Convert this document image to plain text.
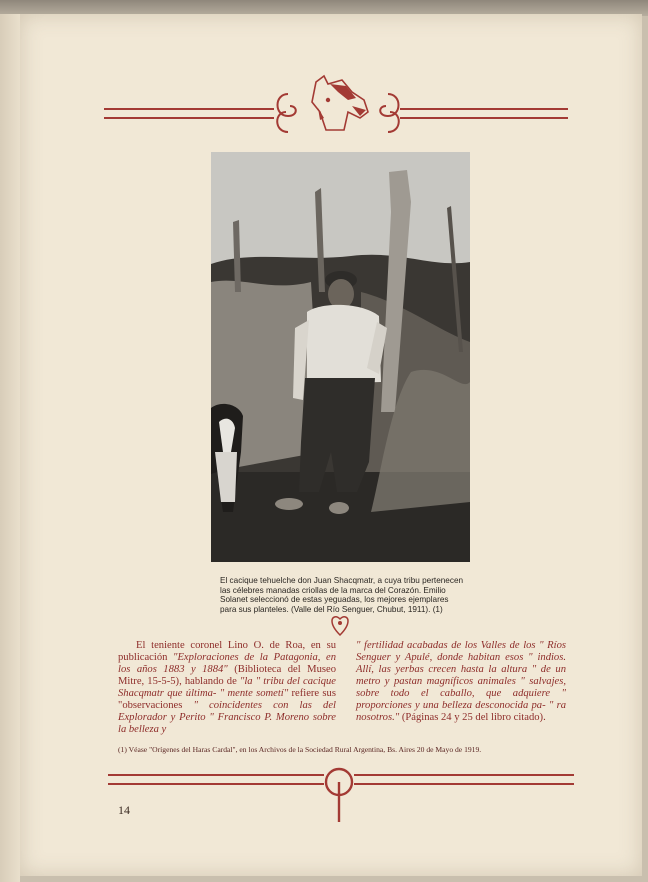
El cacique tehuelche don Juan Shacqmatr, a cuya tribu pertenecen las célebres manadas criollas de la marca del Corazón. Emilio Solanet seleccionó de estas yeguadas, los mejores ejemplares para sus planteles. (Valle del Río Senguer, Chubut, 1911). (1)

El teniente coronel Lino O. de Roa, en su publicación "Exploraciones de la Patagonia, en los años 1883 y 1884" (Biblioteca del Museo Mitre, 15-5-5), hablando de "la " tribu del cacique Shacqmatr que última- " mente sometí" refiere sus "observaciones " coincidentes con las del Explorador y Perito " Francisco P. Moreno sobre la belleza y

" fertilidad acabadas de los Valles de los " Ríos Senguer y Apulé, donde habitan esos " indios. Allí, las yerbas crecen hasta la altura " de un metro y pastan magníficos animales " salvajes, sobre todo el caballo, que adquiere " proporciones y una belleza desconocida pa- " ra nosotros." (Páginas 24 y 25 del libro citado).

(1) Véase "Orígenes del Haras Cardal", en los Archivos de la Sociedad Rural Argentina, Bs. Aires 20 de Mayo de 1919.
14
